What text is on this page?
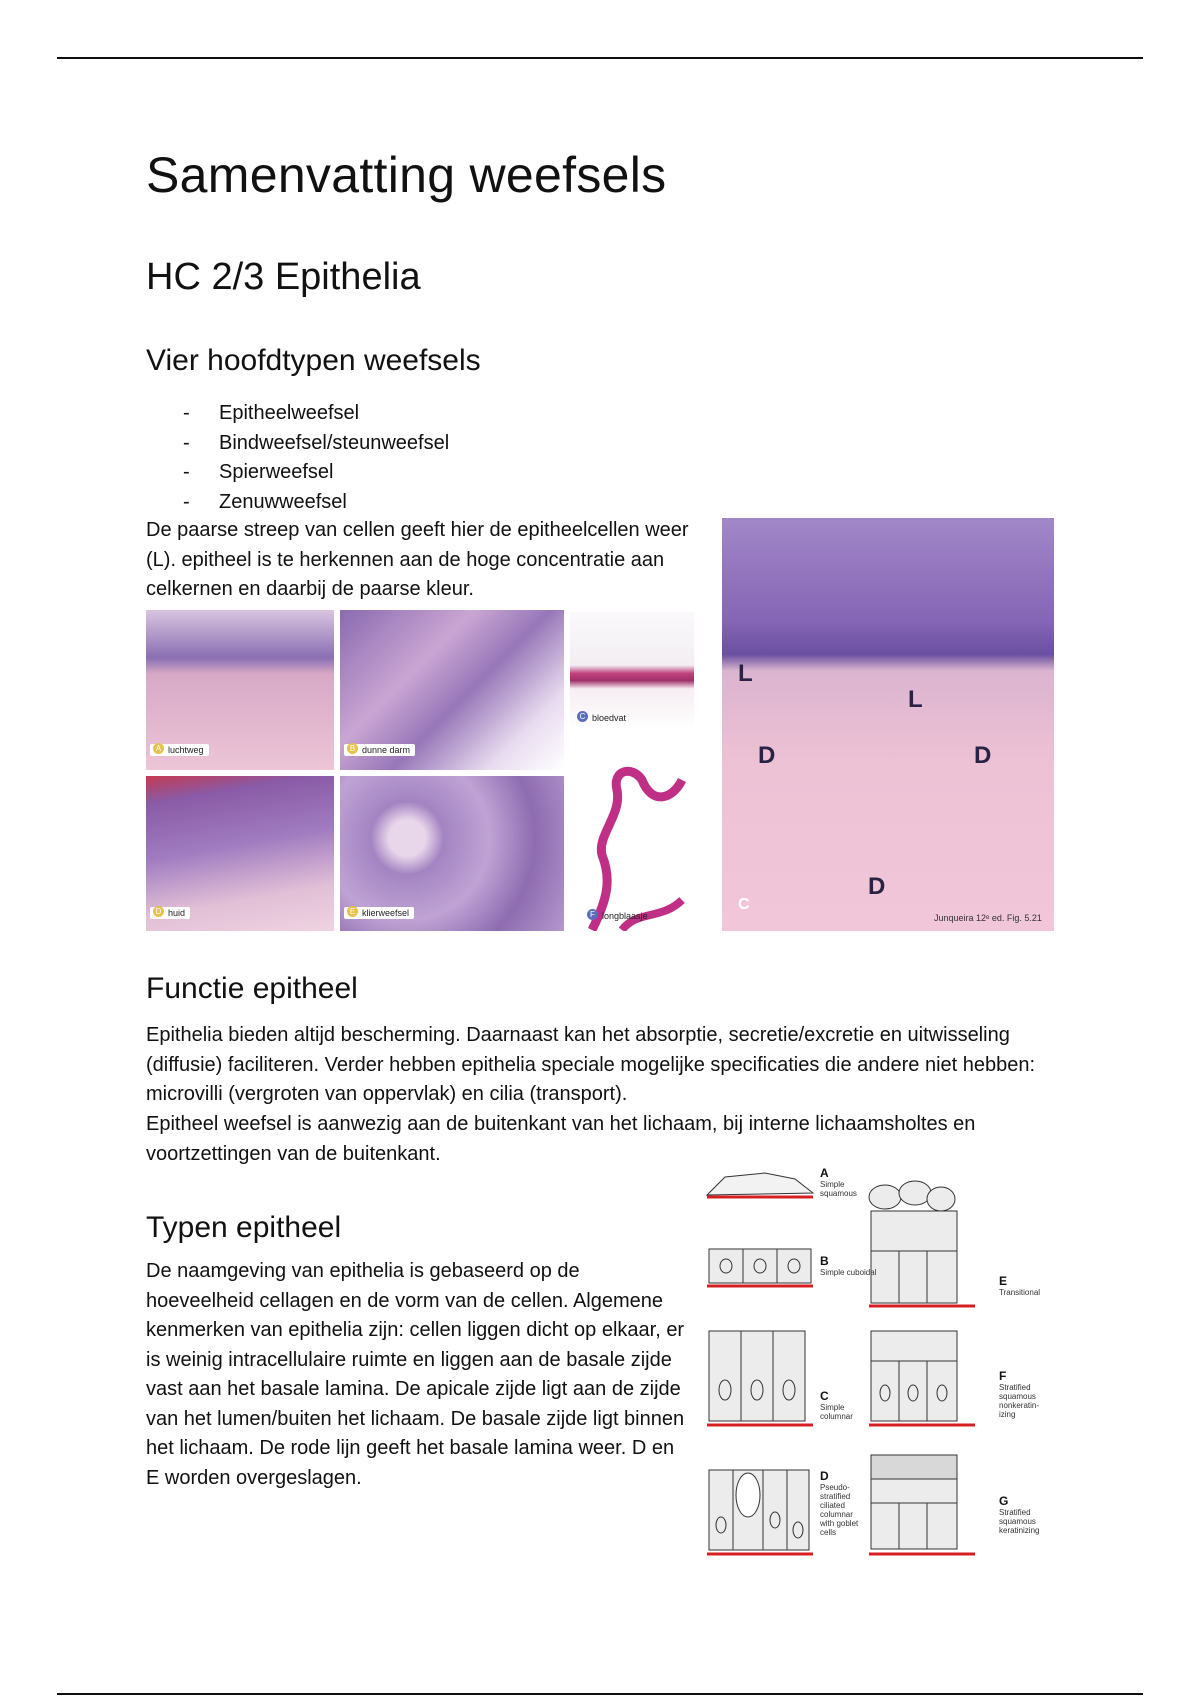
Samenvatting weefsels
HC 2/3 Epithelia
Vier hoofdtypen weefsels
- Epitheelweefsel
- Bindweefsel/steunweefsel
- Spierweefsel
- Zenuwweefsel

De paarse streep van cellen geeft hier de epitheelcellen weer (L). epitheel is te herkennen aan de hoge concentratie aan celkernen en daarbij de paarse kleur.

A luchtweg	B dunne darm
C bloedvat
D huid	E klierweefsel	F longblaasje
L
L
D	D
D
C
Junqueira 12ᵉ ed. Fig. 5.21
Functie epitheel

Epithelia bieden altijd bescherming. Daarnaast kan het absorptie, secretie/excretie en uitwisseling (diffusie) faciliteren. Verder hebben epithelia speciale mogelijke specificaties die andere niet hebben: microvilli (vergroten van oppervlak) en cilia (transport).

Epitheel weefsel is aanwezig aan de buitenkant van het lichaam, bij interne lichaamsholtes en voortzettingen van de buitenkant.

Typen epitheel

De naamgeving van epithelia is gebaseerd op de hoeveelheid cellagen en de vorm van de cellen. Algemene kenmerken van epithelia zijn: cellen liggen dicht op elkaar, er is weinig intracellulaire ruimte en liggen aan de basale zijde vast aan het basale lamina. De apicale zijde ligt aan de zijde van het lumen/buiten het lichaam. De basale zijde ligt binnen het lichaam. De rode lijn geeft het basale lamina weer. D en E worden overgeslagen.

A
Simple squamous
B
Simple cuboidal
C
Simple columnar
D
Pseudo-stratified ciliated columnar with goblet cells
E
Transitional
F
Stratified squamous nonkeratin-izing
G
Stratified squamous keratinizing
